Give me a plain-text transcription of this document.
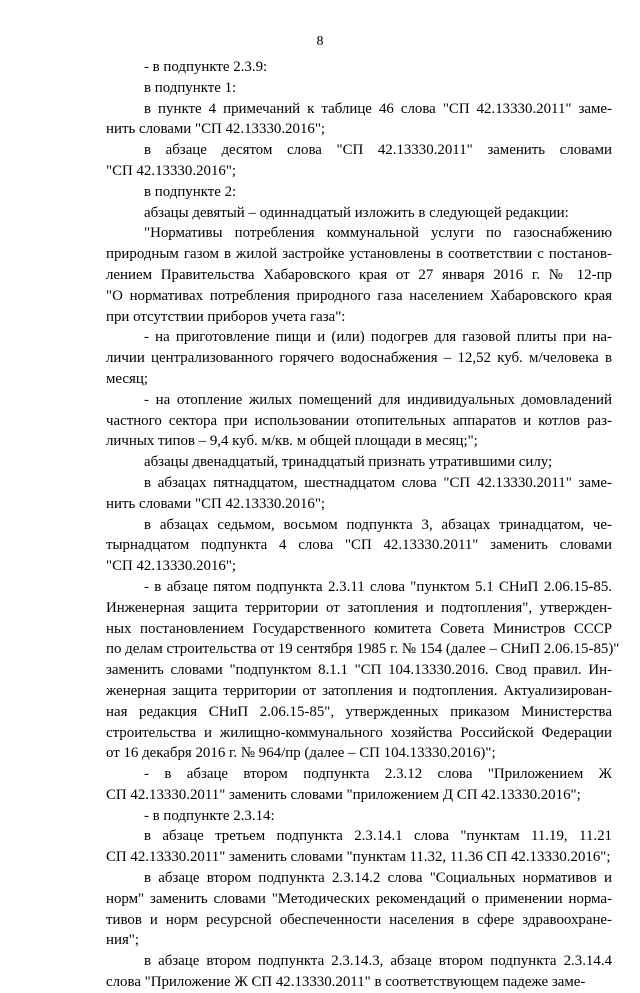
8
- в подпункте 2.3.9:
в подпункте 1:
в пункте 4 примечаний к таблице 46 слова "СП 42.13330.2011" заме-
нить словами "СП 42.13330.2016";
в абзаце десятом слова "СП 42.13330.2011" заменить словами
"СП 42.13330.2016";
в подпункте 2:
абзацы девятый – одиннадцатый изложить в следующей редакции:
"Нормативы потребления коммунальной услуги по газоснабжению
природным газом в жилой застройке установлены в соответствии с постанов-
лением Правительства Хабаровского края от 27 января 2016 г. № 12-пр
"О нормативах потребления природного газа населением Хабаровского края
при отсутствии приборов учета газа":
- на приготовление пищи и (или) подогрев для газовой плиты при на-
личии централизованного горячего водоснабжения – 12,52 куб. м/человека в
месяц;
- на отопление жилых помещений для индивидуальных домовладений
частного сектора при использовании отопительных аппаратов и котлов раз-
личных типов – 9,4 куб. м/кв. м общей площади в месяц;";
абзацы двенадцатый, тринадцатый признать утратившими силу;
в абзацах пятнадцатом, шестнадцатом слова "СП 42.13330.2011" заме-
нить словами "СП 42.13330.2016";
в абзацах седьмом, восьмом подпункта 3, абзацах тринадцатом, че-
тырнадцатом подпункта 4 слова "СП 42.13330.2011" заменить словами
"СП 42.13330.2016";
- в абзаце пятом подпункта 2.3.11 слова "пунктом 5.1 СНиП 2.06.15-85.
Инженерная защита территории от затопления и подтопления", утвержден-
ных постановлением Государственного комитета Совета Министров СССР
по делам строительства от 19 сентября 1985 г. № 154 (далее – СНиП 2.06.15-85)"
заменить словами "подпунктом 8.1.1 "СП 104.13330.2016. Свод правил. Ин-
женерная защита территории от затопления и подтопления. Актуализирован-
ная редакция СНиП 2.06.15-85", утвержденных приказом Министерства
строительства и жилищно-коммунального хозяйства Российской Федерации
от 16 декабря 2016 г. № 964/пр (далее – СП 104.13330.2016)";
- в абзаце втором подпункта 2.3.12 слова "Приложением Ж
СП 42.13330.2011" заменить словами "приложением Д СП 42.13330.2016";
- в подпункте 2.3.14:
в абзаце третьем подпункта 2.3.14.1 слова "пунктам 11.19, 11.21
СП 42.13330.2011" заменить словами "пунктам 11.32, 11.36 СП 42.13330.2016";
в абзаце втором подпункта 2.3.14.2 слова "Социальных нормативов и
норм" заменить словами "Методических рекомендаций о применении норма-
тивов и норм ресурсной обеспеченности населения в сфере здравоохране-
ния";
в абзаце втором подпункта 2.3.14.3, абзаце втором подпункта 2.3.14.4
слова "Приложение Ж СП 42.13330.2011" в соответствующем падеже заме-
